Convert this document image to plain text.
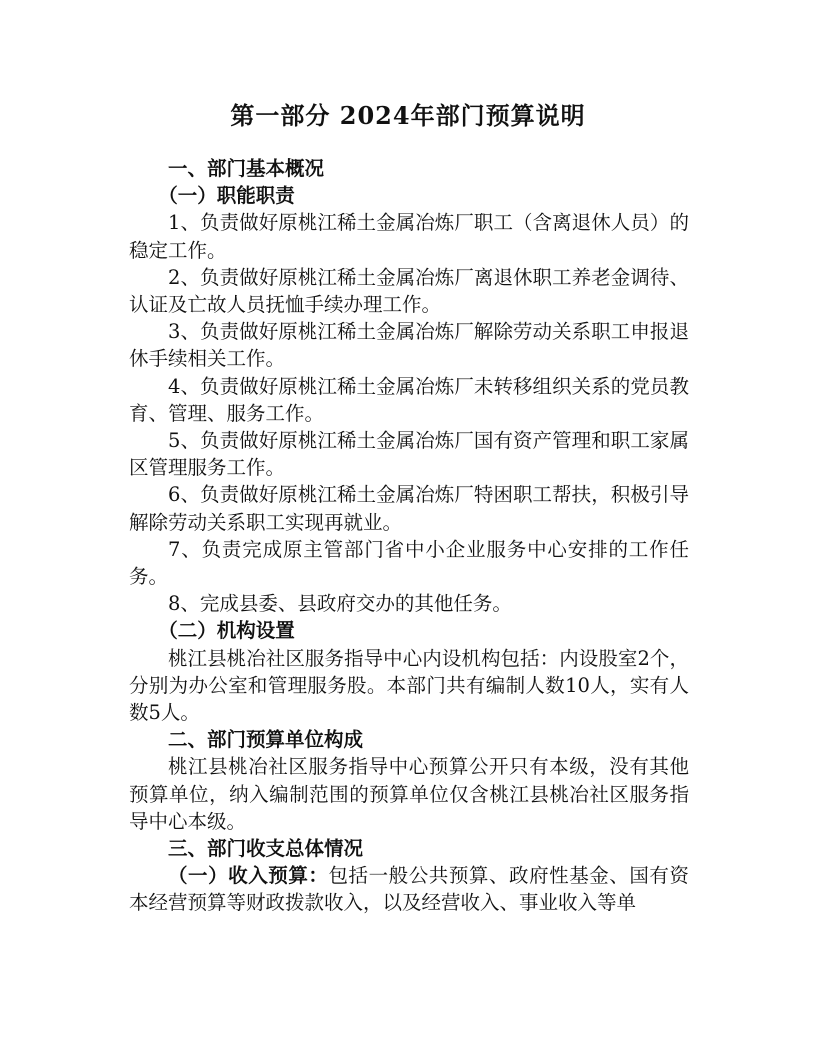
第一部分 2024年部门预算说明

一、部门基本概况

（一）职能职责

1、负责做好原桃江稀土金属冶炼厂职工（含离退休人员）的稳定工作。

2、负责做好原桃江稀土金属冶炼厂离退休职工养老金调待、认证及亡故人员抚恤手续办理工作。

3、负责做好原桃江稀土金属冶炼厂解除劳动关系职工申报退休手续相关工作。

4、负责做好原桃江稀土金属冶炼厂未转移组织关系的党员教育、管理、服务工作。

5、负责做好原桃江稀土金属冶炼厂国有资产管理和职工家属区管理服务工作。

6、负责做好原桃江稀土金属冶炼厂特困职工帮扶，积极引导解除劳动关系职工实现再就业。

7、负责完成原主管部门省中小企业服务中心安排的工作任务。

8、完成县委、县政府交办的其他任务。

（二）机构设置

桃江县桃冶社区服务指导中心内设机构包括：内设股室2个，分别为办公室和管理服务股。本部门共有编制人数10人，实有人数5人。

二、部门预算单位构成

桃江县桃冶社区服务指导中心预算公开只有本级，没有其他预算单位，纳入编制范围的预算单位仅含桃江县桃冶社区服务指导中心本级。

三、部门收支总体情况

（一）收入预算：包括一般公共预算、政府性基金、国有资本经营预算等财政拨款收入，以及经营收入、事业收入等单
